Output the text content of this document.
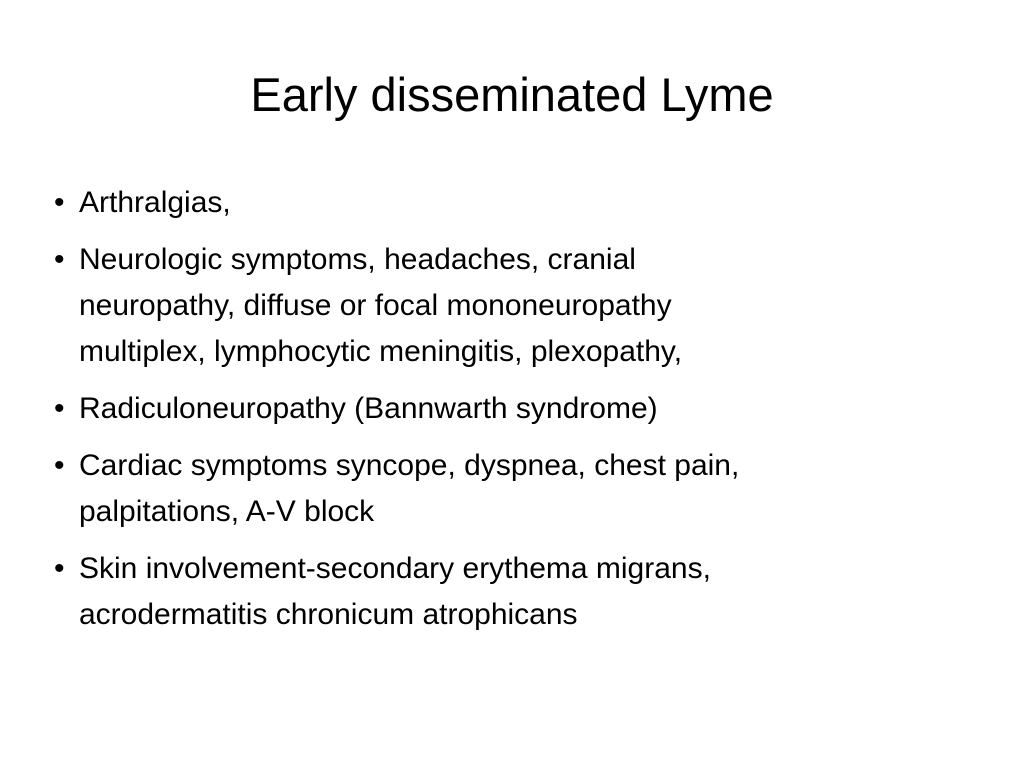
Early disseminated Lyme
• Arthralgias,
• Neurologic symptoms, headaches, cranial
neuropathy, diffuse or focal mononeuropathy
multiplex, lymphocytic meningitis, plexopathy,
• Radiculoneuropathy (Bannwarth syndrome)
• Cardiac symptoms syncope, dyspnea, chest pain,
palpitations, A-V block
• Skin involvement-secondary erythema migrans,
acrodermatitis chronicum atrophicans
